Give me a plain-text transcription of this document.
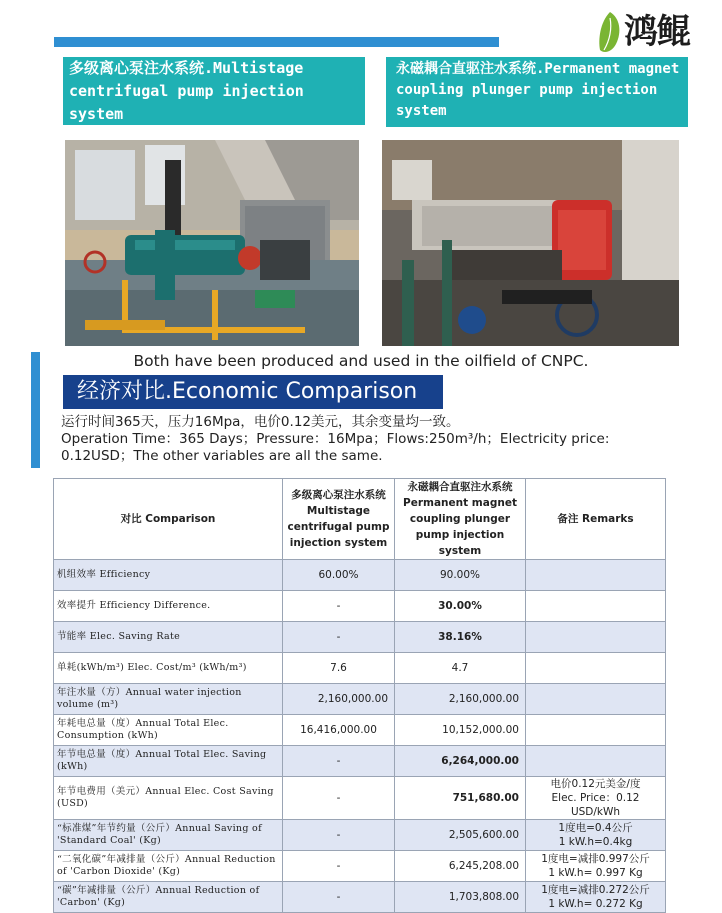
鸿鲲
多级离心泵注水系统.Multistage centrifugal pump injection system
永磁耦合直驱注水系统.Permanent magnet coupling plunger pump injection system
Both have been produced and used in the oilfield of CNPC.
经济对比.Economic Comparison
运行时间365天，压力16Mpa，电价0.12美元，其余变量均一致。
Operation Time：365 Days；Pressure：16Mpa；Flows:250m³/h；Electricity price: 0.12USD；The other variables are all the same.
对比 Comparison	多级离心泵注水系统 Multistage centrifugal pump injection system	永磁耦合直驱注水系统 Permanent magnet coupling plunger pump injection system	备注 Remarks
机组效率 Efficiency	60.00%	90.00%	
效率提升 Efficiency Difference.	-	30.00%	
节能率 Elec. Saving Rate	-	38.16%	
单耗(kWh/m³) Elec. Cost/m³ (kWh/m³)	7.6	4.7	
年注水量（方）Annual water injection volume (m³)	2,160,000.00	2,160,000.00	
年耗电总量（度）Annual Total Elec. Consumption (kWh)	16,416,000.00	10,152,000.00	
年节电总量（度）Annual Total Elec. Saving (kWh)	-	6,264,000.00	
年节电费用（美元）Annual Elec. Cost Saving (USD)	-	751,680.00	电价0.12元美金/度
Elec. Price：0.12 USD/kWh

“标准煤”年节约量（公斤）Annual Saving of 'Standard Coal' (Kg)	-	2,505,600.00	1度电=0.4公斤
1 kW.h=0.4kg

“二氧化碳”年减排量（公斤）Annual Reduction of 'Carbon Dioxide' (Kg)	-	6,245,208.00	1度电=减排0.997公斤
1 kW.h= 0.997 Kg

“碳”年减排量（公斤）Annual Reduction of 'Carbon' (Kg)	-	1,703,808.00	1度电=减排0.272公斤
1 kW.h= 0.272 Kg
